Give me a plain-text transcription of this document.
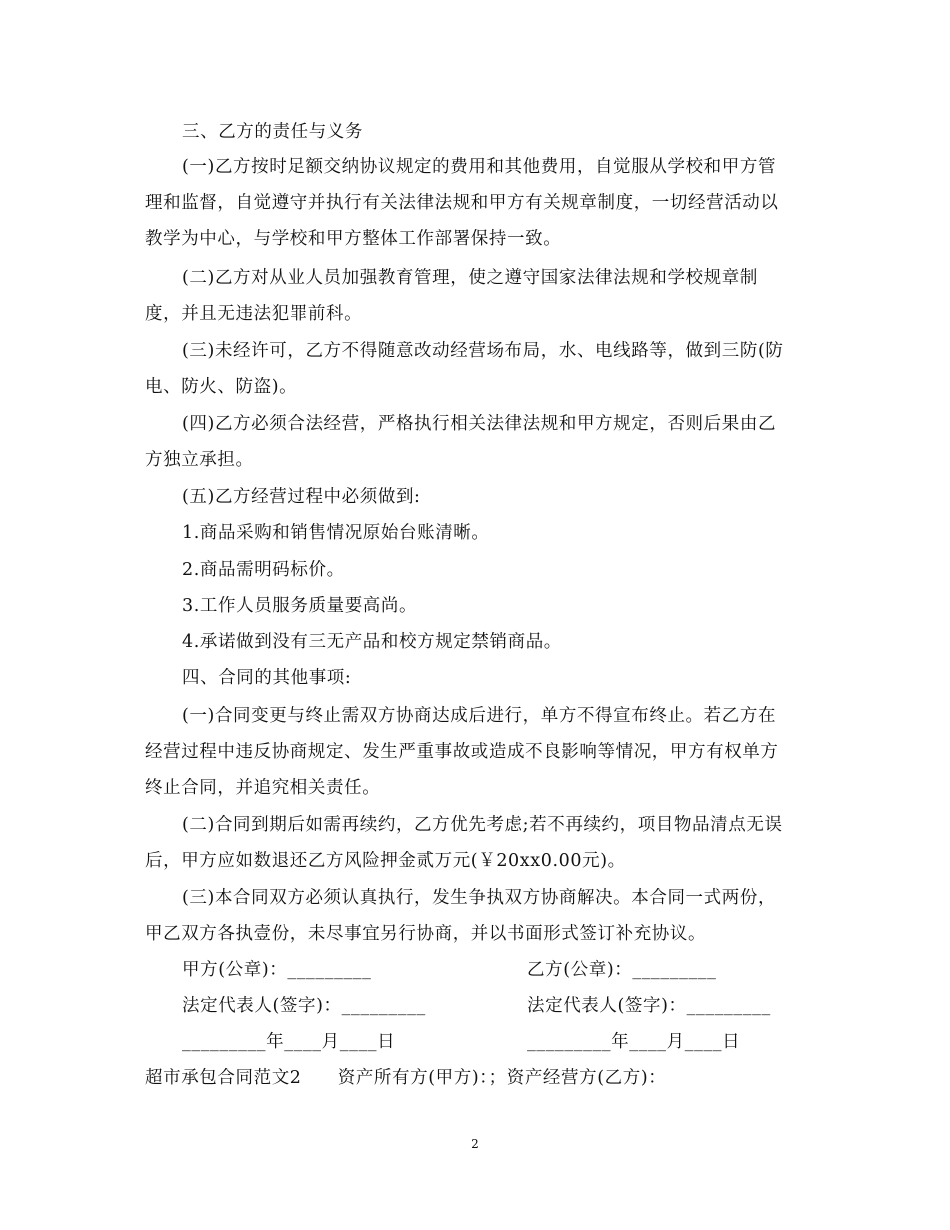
三、乙方的责任与义务
(一)乙方按时足额交纳协议规定的费用和其他费用，自觉服从学校和甲方管
理和监督，自觉遵守并执行有关法律法规和甲方有关规章制度，一切经营活动以
教学为中心，与学校和甲方整体工作部署保持一致。
(二)乙方对从业人员加强教育管理，使之遵守国家法律法规和学校规章制
度，并且无违法犯罪前科。
(三)未经许可，乙方不得随意改动经营场布局，水、电线路等，做到三防(防
电、防火、防盗)。
(四)乙方必须合法经营，严格执行相关法律法规和甲方规定，否则后果由乙
方独立承担。
(五)乙方经营过程中必须做到:
1.商品采购和销售情况原始台账清晰。
2.商品需明码标价。
3.工作人员服务质量要高尚。
4.承诺做到没有三无产品和校方规定禁销商品。
四、合同的其他事项:
(一)合同变更与终止需双方协商达成后进行，单方不得宣布终止。若乙方在
经营过程中违反协商规定、发生严重事故或造成不良影响等情况，甲方有权单方
终止合同，并追究相关责任。
(二)合同到期后如需再续约，乙方优先考虑;若不再续约，项目物品清点无误
后，甲方应如数退还乙方风险押金贰万元(￥20xx0.00元)。
(三)本合同双方必须认真执行，发生争执双方协商解决。本合同一式两份，
甲乙双方各执壹份，未尽事宜另行协商，并以书面形式签订补充协议。
甲方(公章)：_________	乙方(公章)：_________
法定代表人(签字)：_________	法定代表人(签字)：_________
_________年____月____日	_________年____月____日
超市承包合同范文2　　资产所有方(甲方)：；资产经营方(乙方)：
2
